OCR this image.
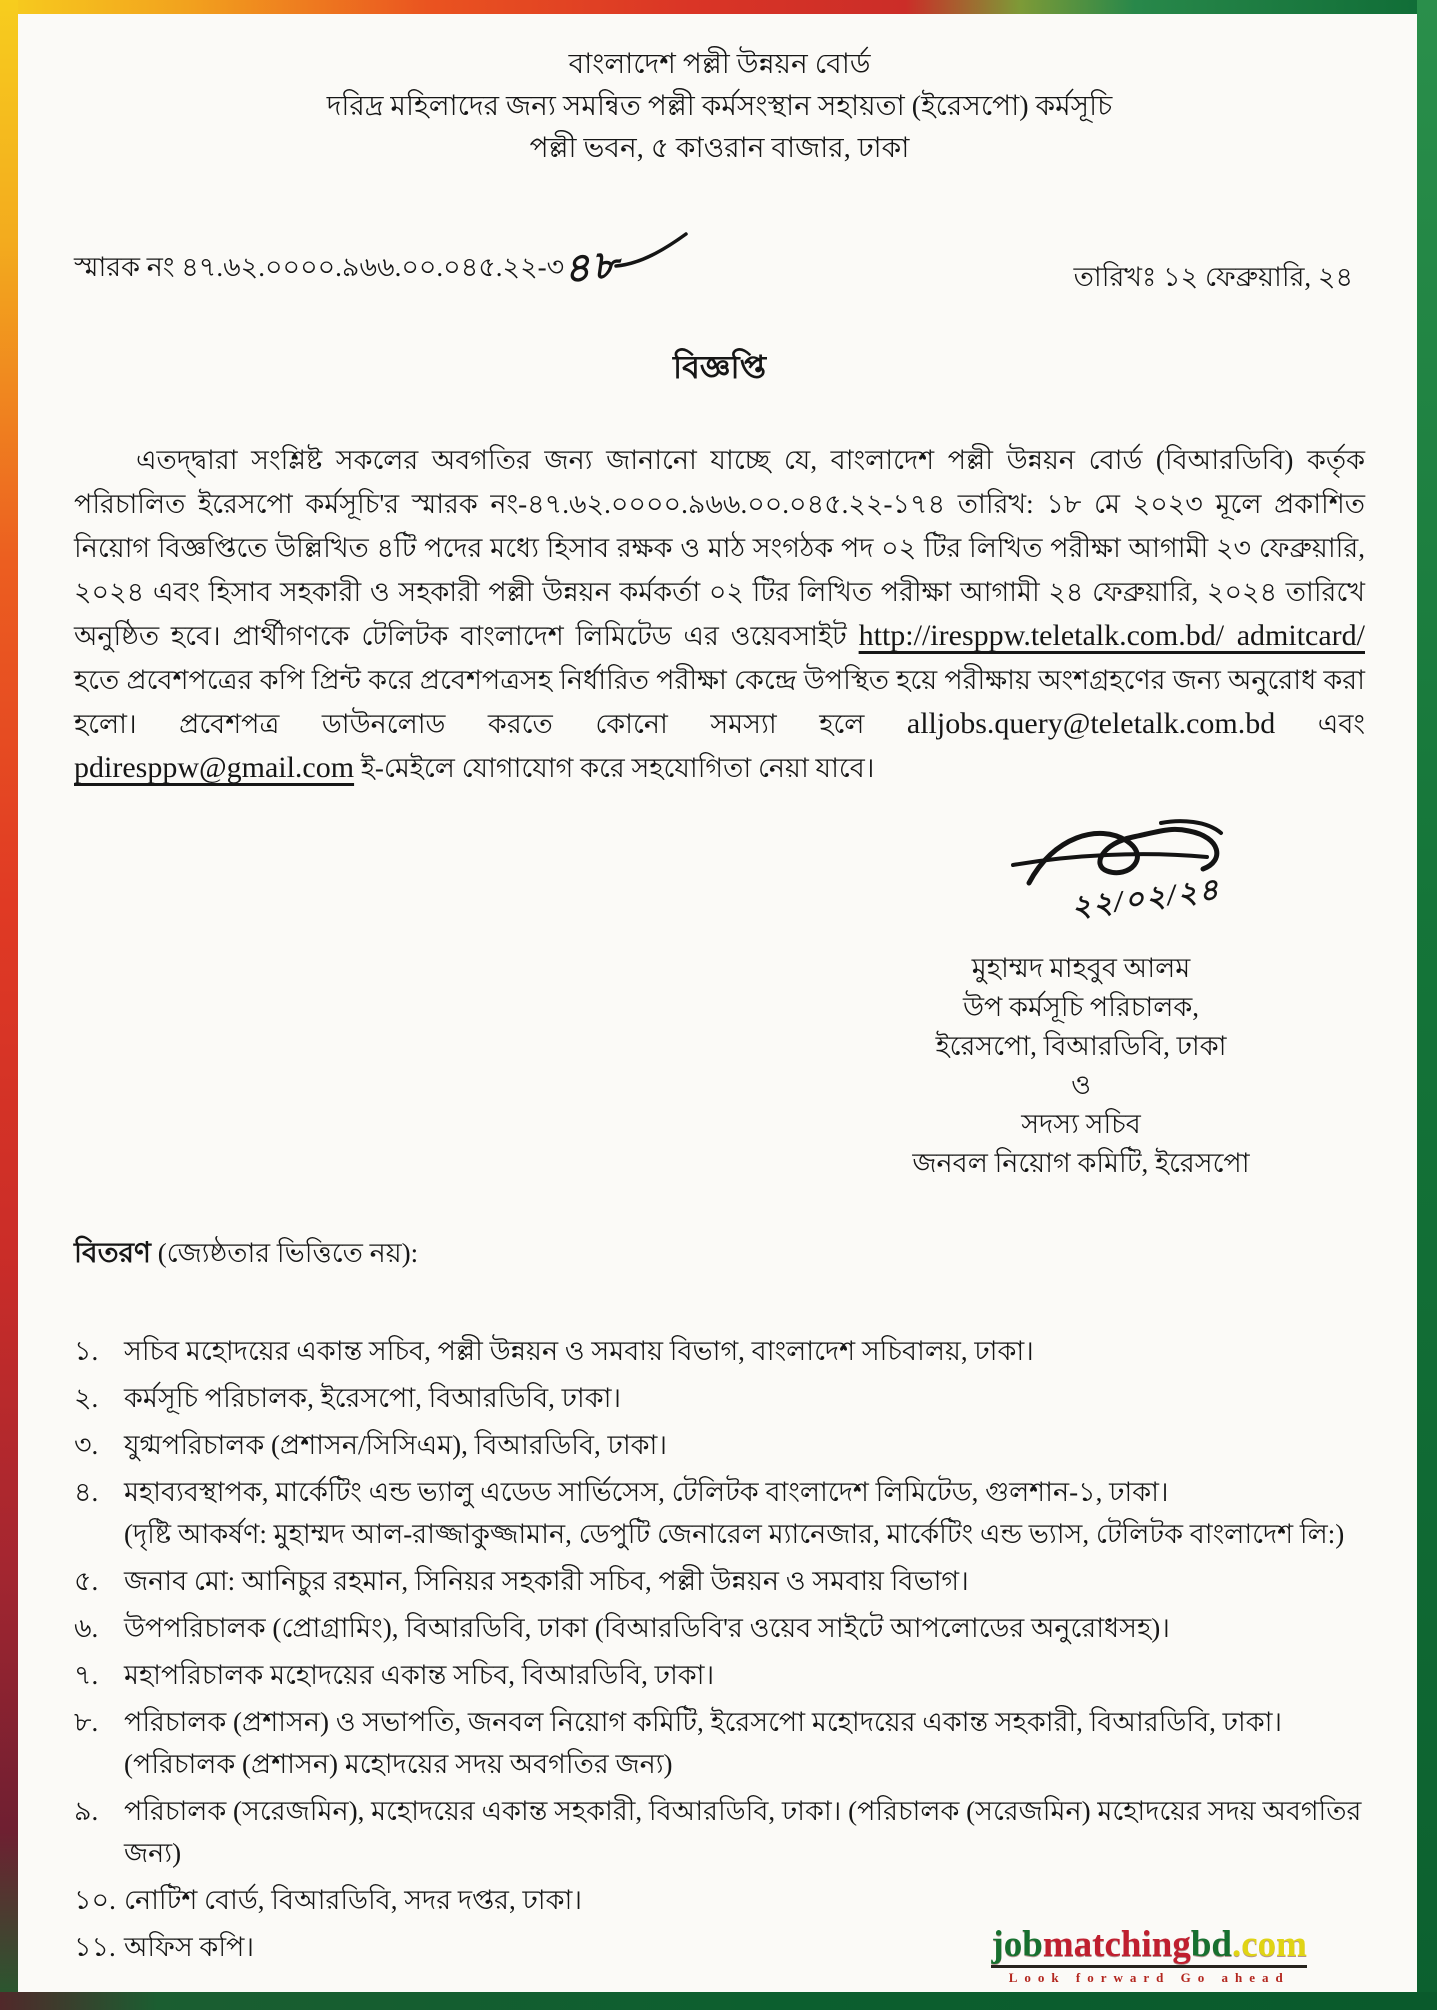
বাংলাদেশ পল্লী উন্নয়ন বোর্ড
দরিদ্র মহিলাদের জন্য সমন্বিত পল্লী কর্মসংস্থান সহায়তা (ইরেসপো) কর্মসূচি
পল্লী ভবন, ৫ কাওরান বাজার, ঢাকা
স্মারক নং ৪৭.৬২.০০০০.৯৬৬.০০.০৪৫.২২-৩৪৮	তারিখঃ ১২ ফেব্রুয়ারি, ২৪
বিজ্ঞপ্তি

এতদ্দ্বারা সংশ্লিষ্ট সকলের অবগতির জন্য জানানো যাচ্ছে যে, বাংলাদেশ পল্লী উন্নয়ন বোর্ড (বিআরডিবি) কর্তৃক পরিচালিত ইরেসপো কর্মসূচি'র স্মারক নং-৪৭.৬২.০০০০.৯৬৬.০০.০৪৫.২২-১৭৪ তারিখ: ১৮ মে ২০২৩ মূলে প্রকাশিত নিয়োগ বিজ্ঞপ্তিতে উল্লিখিত ৪টি পদের মধ্যে হিসাব রক্ষক ও মাঠ সংগঠক পদ ০২ টির লিখিত পরীক্ষা আগামী ২৩ ফেব্রুয়ারি, ২০২৪ এবং হিসাব সহকারী ও সহকারী পল্লী উন্নয়ন কর্মকর্তা ০২ টির লিখিত পরীক্ষা আগামী ২৪ ফেব্রুয়ারি, ২০২৪ তারিখে অনুষ্ঠিত হবে। প্রার্থীগণকে টেলিটক বাংলাদেশ লিমিটেড এর ওয়েবসাইট http://iresppw.teletalk.com.bd/ admitcard/ হতে প্রবেশপত্রের কপি প্রিন্ট করে প্রবেশপত্রসহ নির্ধারিত পরীক্ষা কেন্দ্রে উপস্থিত হয়ে পরীক্ষায় অংশগ্রহণের জন্য অনুরোধ করা হলো। প্রবেশপত্র ডাউনলোড করতে কোনো সমস্যা হলে alljobs.query@teletalk.com.bd এবং pdiresppw@gmail.com ই-মেইলে যোগাযোগ করে সহযোগিতা নেয়া যাবে।

২২/০২/২৪
মুহাম্মদ মাহবুব আলম
উপ কর্মসূচি পরিচালক,
ইরেসপো, বিআরডিবি, ঢাকা
ও
সদস্য সচিব
জনবল নিয়োগ কমিটি, ইরেসপো
বিতরণ (জ্যেষ্ঠতার ভিত্তিতে নয়):
১. সচিব মহোদয়ের একান্ত সচিব, পল্লী উন্নয়ন ও সমবায় বিভাগ, বাংলাদেশ সচিবালয়, ঢাকা।
২. কর্মসূচি পরিচালক, ইরেসপো, বিআরডিবি, ঢাকা।
৩. যুগ্মপরিচালক (প্রশাসন/সিসিএম), বিআরডিবি, ঢাকা।
৪. মহাব্যবস্থাপক, মার্কেটিং এন্ড ভ্যালু এডেড সার্ভিসেস, টেলিটক বাংলাদেশ লিমিটেড, গুলশান-১, ঢাকা।
(দৃষ্টি আকর্ষণ: মুহাম্মদ আল-রাজ্জাকুজ্জামান, ডেপুটি জেনারেল ম্যানেজার, মার্কেটিং এন্ড ভ্যাস, টেলিটক বাংলাদেশ লি:)
৫. জনাব মো: আনিচুর রহমান, সিনিয়র সহকারী সচিব, পল্লী উন্নয়ন ও সমবায় বিভাগ।
৬. উপপরিচালক (প্রোগ্রামিং), বিআরডিবি, ঢাকা (বিআরডিবি'র ওয়েব সাইটে আপলোডের অনুরোধসহ)।
৭. মহাপরিচালক মহোদয়ের একান্ত সচিব, বিআরডিবি, ঢাকা।
৮. পরিচালক (প্রশাসন) ও সভাপতি, জনবল নিয়োগ কমিটি, ইরেসপো মহোদয়ের একান্ত সহকারী, বিআরডিবি, ঢাকা। (পরিচালক (প্রশাসন) মহোদয়ের সদয় অবগতির জন্য)
৯. পরিচালক (সরেজমিন), মহোদয়ের একান্ত সহকারী, বিআরডিবি, ঢাকা। (পরিচালক (সরেজমিন) মহোদয়ের সদয় অবগতির জন্য)
১০. নোটিশ বোর্ড, বিআরডিবি, সদর দপ্তর, ঢাকা।
১১. অফিস কপি।	jobmatchingbd.com
Look forward Go ahead
